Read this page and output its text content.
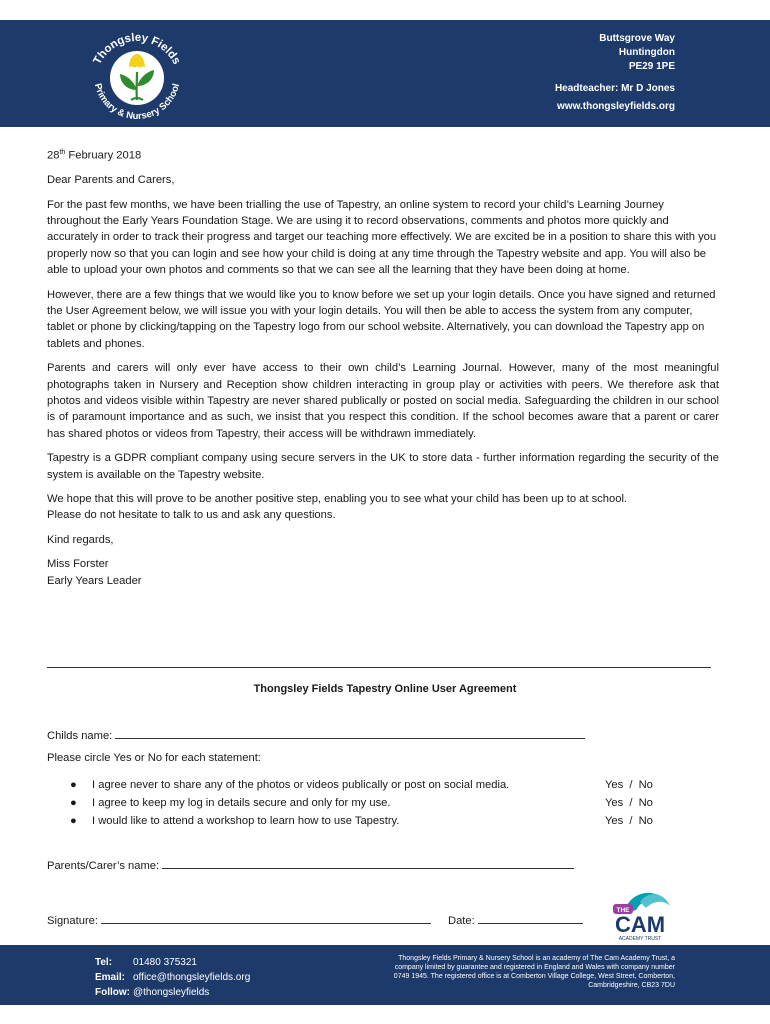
Thongsley Fields
Primary & Nursery School
Buttsgrove Way
Huntingdon
PE29 1PE
Headteacher: Mr D Jones
www.thongsleyfields.org

28th February 2018

Dear Parents and Carers,

For the past few months, we have been trialling the use of Tapestry, an online system to record your child’s Learning Journey throughout the Early Years Foundation Stage. We are using it to record observations, comments and photos more quickly and accurately in order to track their progress and target our teaching more effectively. We are excited be in a position to share this with you properly now so that you can login and see how your child is doing at any time through the Tapestry website and app. You will also be able to upload your own photos and comments so that we can see all the learning that they have been doing at home.

However, there are a few things that we would like you to know before we set up your login details. Once you have signed and returned the User Agreement below, we will issue you with your login details. You will then be able to access the system from any computer, tablet or phone by clicking/tapping on the Tapestry logo from our school website. Alternatively, you can download the Tapestry app on tablets and phones.

Parents and carers will only ever have access to their own child’s Learning Journal. However, many of the most meaningful photographs taken in Nursery and Reception show children interacting in group play or activities with peers. We therefore ask that photos and videos visible within Tapestry are never shared publically or posted on social media. Safeguarding the children in our school is of paramount importance and as such, we insist that you respect this condition. If the school becomes aware that a parent or carer has shared photos or videos from Tapestry, their access will be withdrawn immediately.

Tapestry is a GDPR compliant company using secure servers in the UK to store data - further information regarding the security of the system is available on the Tapestry website.

We hope that this will prove to be another positive step, enabling you to see what your child has been up to at school.
Please do not hesitate to talk to us and ask any questions.

Kind regards,

Miss Forster
Early Years Leader

Thongsley Fields Tapestry Online User Agreement
Childs name:
Please circle Yes or No for each statement:
● I agree never to share any of the photos or videos publically or post on social media.	Yes / No
● I agree to keep my log in details secure and only for my use.	Yes / No
● I would like to attend a workshop to learn how to use Tapestry.	Yes / No
Parents/Carer’s name:
Signature:	Date:
THE
CAM
ACADEMY TRUST
Tel: 01480 375321
Email: office@thongsleyfields.org
Follow: @thongsleyfields
Thongsley Fields Primary & Nursery School is an academy of The Cam Academy Trust, a company limited by guarantee and registered in England and Wales with company number 0749 1945. The registered office is at Comberton Village College, West Street, Comberton, Cambridgeshire, CB23 7DU
